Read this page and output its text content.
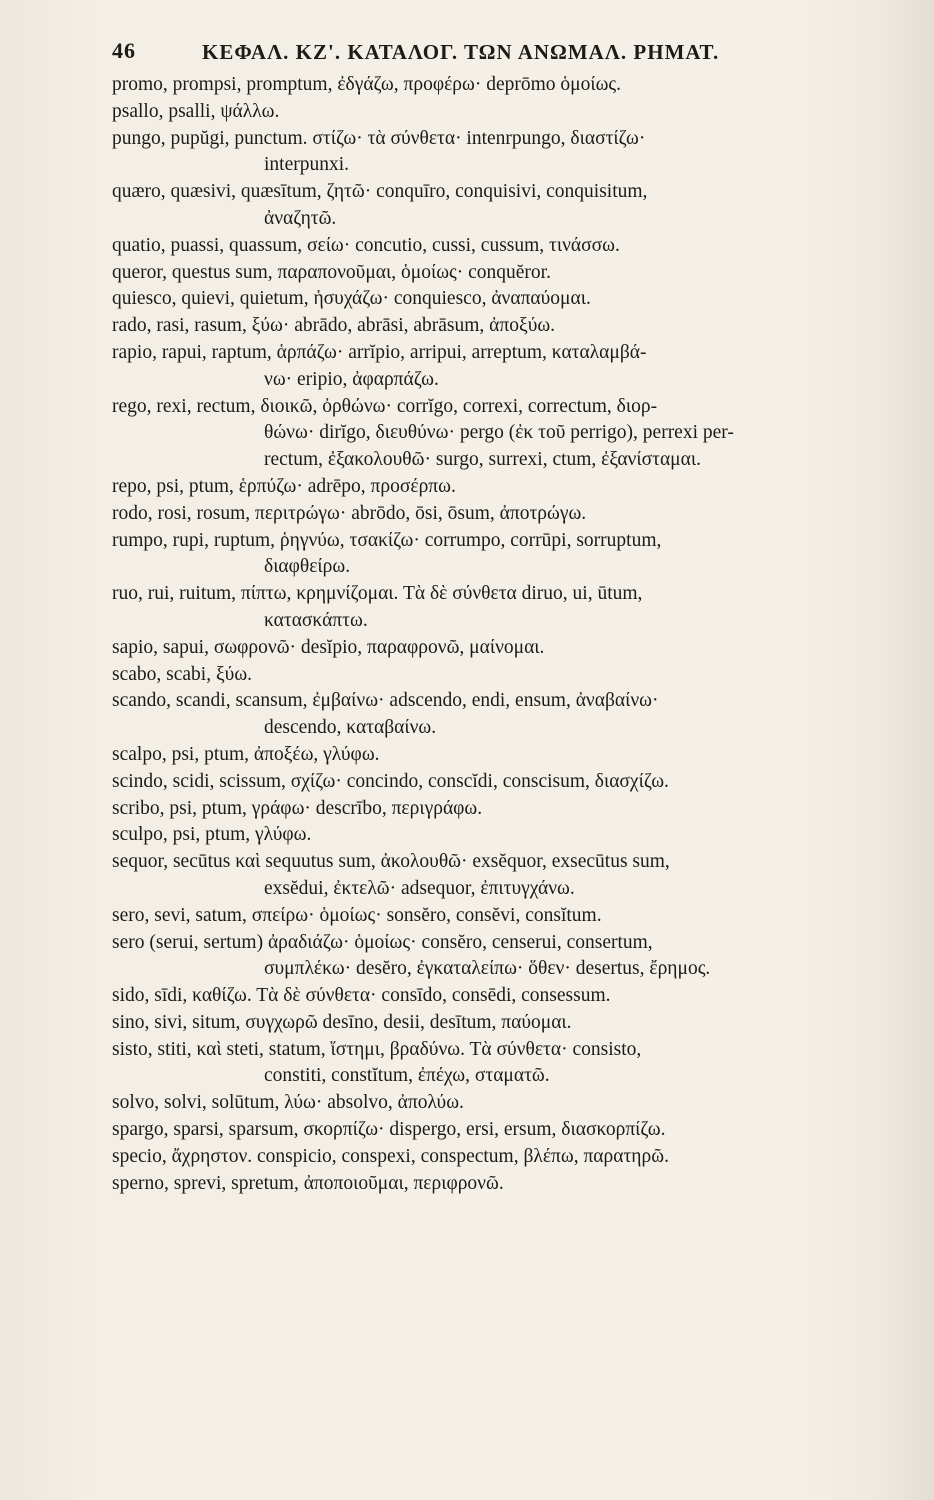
46	ΚΕΦΑΛ. ΚΖ'. ΚΑΤΑΛΟΓ. ΤΩΝ ΑΝΩΜΑΛ. ΡΗΜΑΤ.
promo, prompsi, promptum, ἐδγάζω, προφέρω· deprōmo ὁμοίως.
psallo, psalli, ψάλλω.
pungo, pupŭgi, punctum. στίζω· τὰ σύνθετα· intenrpungo, διαστίζω·
interpunxi.
quæro, quæsivi, quæsītum, ζητῶ· conquīro, conquisivi, conquisitum,
ἀναζητῶ.
quatio, puassi, quassum, σείω· concutio, cussi, cussum, τινάσσω.
queror, questus sum, παραπονοῦμαι, ὁμοίως· conquĕror.
quiesco, quievi, quietum, ἡσυχάζω· conquiesco, ἀναπαύομαι.
rado, rasi, rasum, ξύω· abrādo, abrāsi, abrāsum, ἀποξύω.
rapio, rapui, raptum, ἁρπάζω· arrĭpio, arripui, arreptum, καταλαμβά-
νω· eripio, ἀφαρπάζω.
rego, rexi, rectum, διοικῶ, ὀρθώνω· corrĭgo, correxi, correctum, διορ-
θώνω· dirĭgo, διευθύνω· pergo (ἐκ τοῦ perrigo), perrexi per-
rectum, ἐξακολουθῶ· surgo, surrexi, ctum, ἐξανίσταμαι.
repo, psi, ptum, ἑρπύζω· adrēpo, προσέρπω.
rodo, rosi, rosum, περιτρώγω· abrōdo, ōsi, ōsum, ἀποτρώγω.
rumpo, rupi, ruptum, ῥηγνύω, τσακίζω· corrumpo, corrūpi, sorruptum,
διαφθείρω.
ruo, rui, ruitum, πίπτω, κρημνίζομαι. Τὰ δὲ σύνθετα diruo, ui, ūtum,
κατασκάπτω.
sapio, sapui, σωφρονῶ· desĭpio, παραφρονῶ, μαίνομαι.
scabo, scabi, ξύω.
scando, scandi, scansum, ἐμβαίνω· adscendo, endi, ensum, ἀναβαίνω·
descendo, καταβαίνω.
scalpo, psi, ptum, ἀποξέω, γλύφω.
scindo, scidi, scissum, σχίζω· concindo, conscĭdi, conscisum, διασχίζω.
scribo, psi, ptum, γράφω· descrībo, περιγράφω.
sculpo, psi, ptum, γλύφω.
sequor, secūtus καὶ sequutus sum, ἀκολουθῶ· exsĕquor, exsecūtus sum,
exsĕdui, ἐκτελῶ· adsequor, ἐπιτυγχάνω.
sero, sevi, satum, σπείρω· ὁμοίως· sonsĕro, consĕvi, consĭtum.
sero (serui, sertum) ἀραδιάζω· ὁμοίως· consĕro, censerui, consertum,
συμπλέκω· desĕro, ἐγκαταλείπω· ὅθεν· desertus, ἔρημος.
sido, sīdi, καθίζω. Τὰ δὲ σύνθετα· consīdo, consēdi, consessum.
sino, sivi, situm, συγχωρῶ desīno, desii, desītum, παύομαι.
sisto, stiti, καὶ steti, statum, ἵστημι, βραδύνω. Τὰ σύνθετα· consisto,
constiti, constĭtum, ἐπέχω, σταματῶ.
solvo, solvi, solūtum, λύω· absolvo, ἀπολύω.
spargo, sparsi, sparsum, σκορπίζω· dispergo, ersi, ersum, διασκορπίζω.
specio, ἄχρηστον. conspicio, conspexi, conspectum, βλέπω, παρατηρῶ.
sperno, sprevi, spretum, ἀποποιοῦμαι, περιφρονῶ.
